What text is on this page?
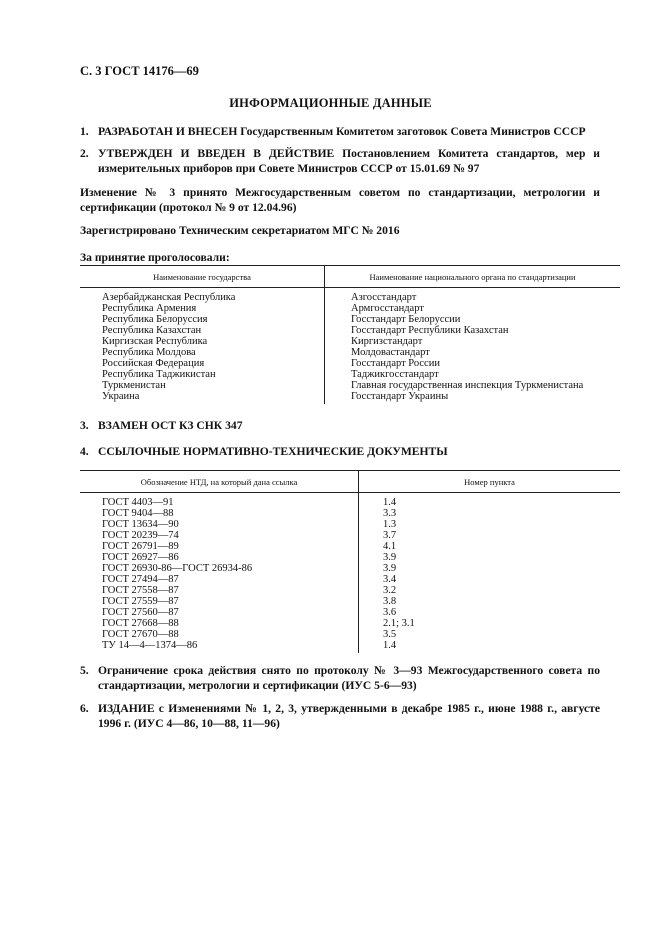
С. 3 ГОСТ 14176—69
ИНФОРМАЦИОННЫЕ ДАННЫЕ
1. РАЗРАБОТАН И ВНЕСЕН Государственным Комитетом заготовок Совета Министров СССР
2. УТВЕРЖДЕН И ВВЕДЕН В ДЕЙСТВИЕ Постановлением Комитета стандартов, мер и измерительных приборов при Совете Министров СССР от 15.01.69 № 97
Изменение № 3 принято Межгосударственным советом по стандартизации, метрологии и сертификации (протокол № 9 от 12.04.96)
Зарегистрировано Техническим секретариатом МГС № 2016
За принятие проголосовали:
Наименование государства	Наименование национального органа по стандартизации
Азербайджанская Республика	Азгосстандарт
Республика Армения	Армгосстандарт
Республика Белоруссия	Госстандарт Белоруссии
Республика Казахстан	Госстандарт Республики Казахстан
Киргизская Республика	Киргизстандарт
Республика Молдова	Молдовастандарт
Российская Федерация	Госстандарт России
Республика Таджикистан	Таджикгосстандарт
Туркменистан	Главная государственная инспекция Туркменистана
Украина	Госстандарт Украины
3. ВЗАМЕН ОСТ КЗ СНК 347
4. ССЫЛОЧНЫЕ НОРМАТИВНО-ТЕХНИЧЕСКИЕ ДОКУМЕНТЫ
Обозначение НТД, на который дана ссылка	Номер пункта
ГОСТ 4403—91	1.4
ГОСТ 9404—88	3.3
ГОСТ 13634—90	1.3
ГОСТ 20239—74	3.7
ГОСТ 26791—89	4.1
ГОСТ 26927—86	3.9
ГОСТ 26930-86—ГОСТ 26934-86	3.9
ГОСТ 27494—87	3.4
ГОСТ 27558—87	3.2
ГОСТ 27559—87	3.8
ГОСТ 27560—87	3.6
ГОСТ 27668—88	2.1; 3.1
ГОСТ 27670—88	3.5
ТУ 14—4—1374—86	1.4
5. Ограничение срока действия снято по протоколу № 3—93 Межгосударственного совета по стандартизации, метрологии и сертификации (ИУС 5-6—93)
6. ИЗДАНИЕ с Изменениями № 1, 2, 3, утвержденными в декабре 1985 г., июне 1988 г., августе 1996 г. (ИУС 4—86, 10—88, 11—96)
